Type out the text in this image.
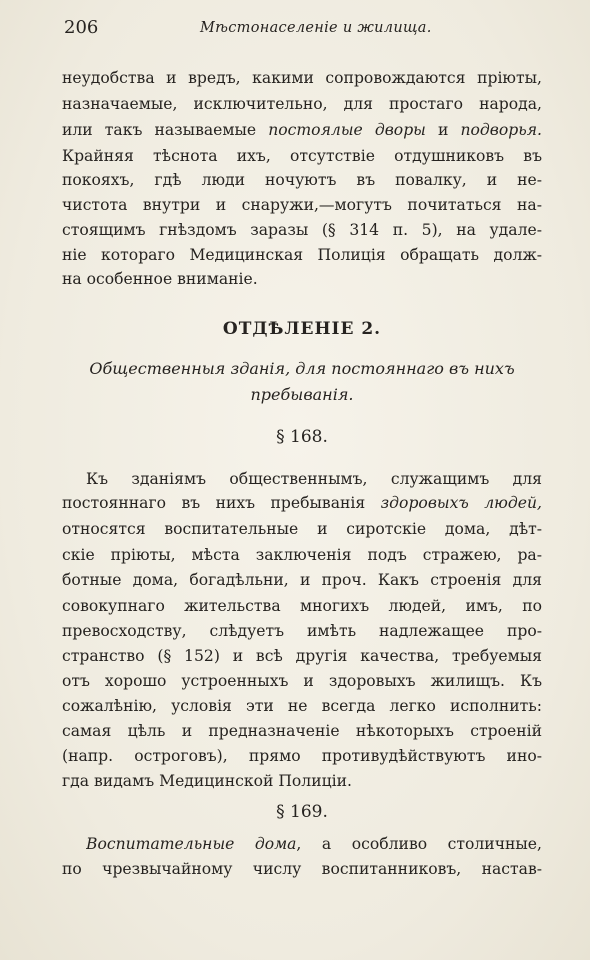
206	Мѣстонаселеніе и жилища.

неудобства и вредъ, какими сопровождаются пріюты,

назначаемые, исключительно, для простаго народа,

или такъ называемые постоялые дворы и подворья.

Крайняя тѣснота ихъ, отсутствіе отдушниковъ въ

покояхъ, гдѣ люди ночуютъ въ повалку, и не-

чистота внутри и снаружи,—могутъ почитаться на-

стоящимъ гнѣздомъ заразы (§ 314 п. 5), на удале-

ніе котораго Медицинская Полиція обращать долж-

на особенное вниманіе.

ОТДѢЛЕНІЕ 2.

Общественныя зданія, для постояннаго въ нихъ

пребыванія.

§ 168.

Къ зданіямъ общественнымъ, служащимъ для

постояннаго въ нихъ пребыванія здоровыхъ людей,

относятся воспитательные и сиротскіе дома, дѣт-

скіе пріюты, мѣста заключенія подъ стражею, ра-

ботные дома, богадѣльни, и проч. Какъ строенія для

совокупнаго жительства многихъ людей, имъ, по

превосходству, слѣдуетъ имѣть надлежащее про-

странство (§ 152) и всѣ другія качества, требуемыя

отъ хорошо устроенныхъ и здоровыхъ жилищъ. Къ

сожалѣнію, условія эти не всегда легко исполнить:

самая цѣль и предназначеніе нѣкоторыхъ строеній

(напр. остроговъ), прямо противудѣйствуютъ ино-

гда видамъ Медицинской Полиціи.

§ 169.

Воспитательные дома, а особливо столичные,

по чрезвычайному числу воспитанниковъ, настав-
